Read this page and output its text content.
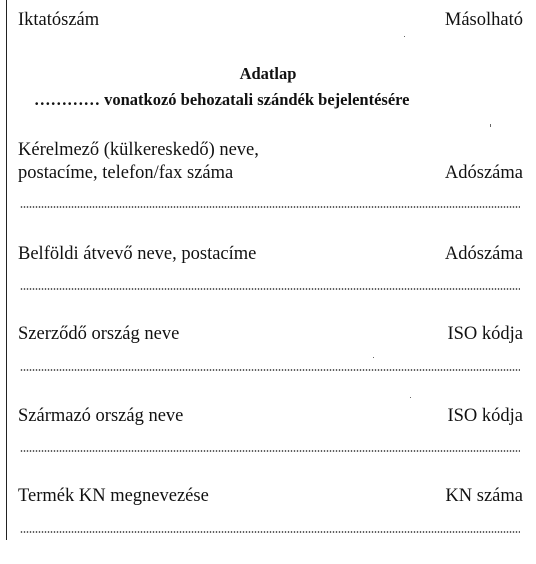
Iktatószám	Másolható
Adatlap
………… vonatkozó behozatali szándék bejelentésére
Kérelmező (külkereskedő) neve,
postacíme, telefon/fax száma	Adószáma
Belföldi átvevő neve, postacíme	Adószáma
Szerződő ország neve	ISO kódja
Származó ország neve	ISO kódja
Termék KN megnevezése	KN száma
